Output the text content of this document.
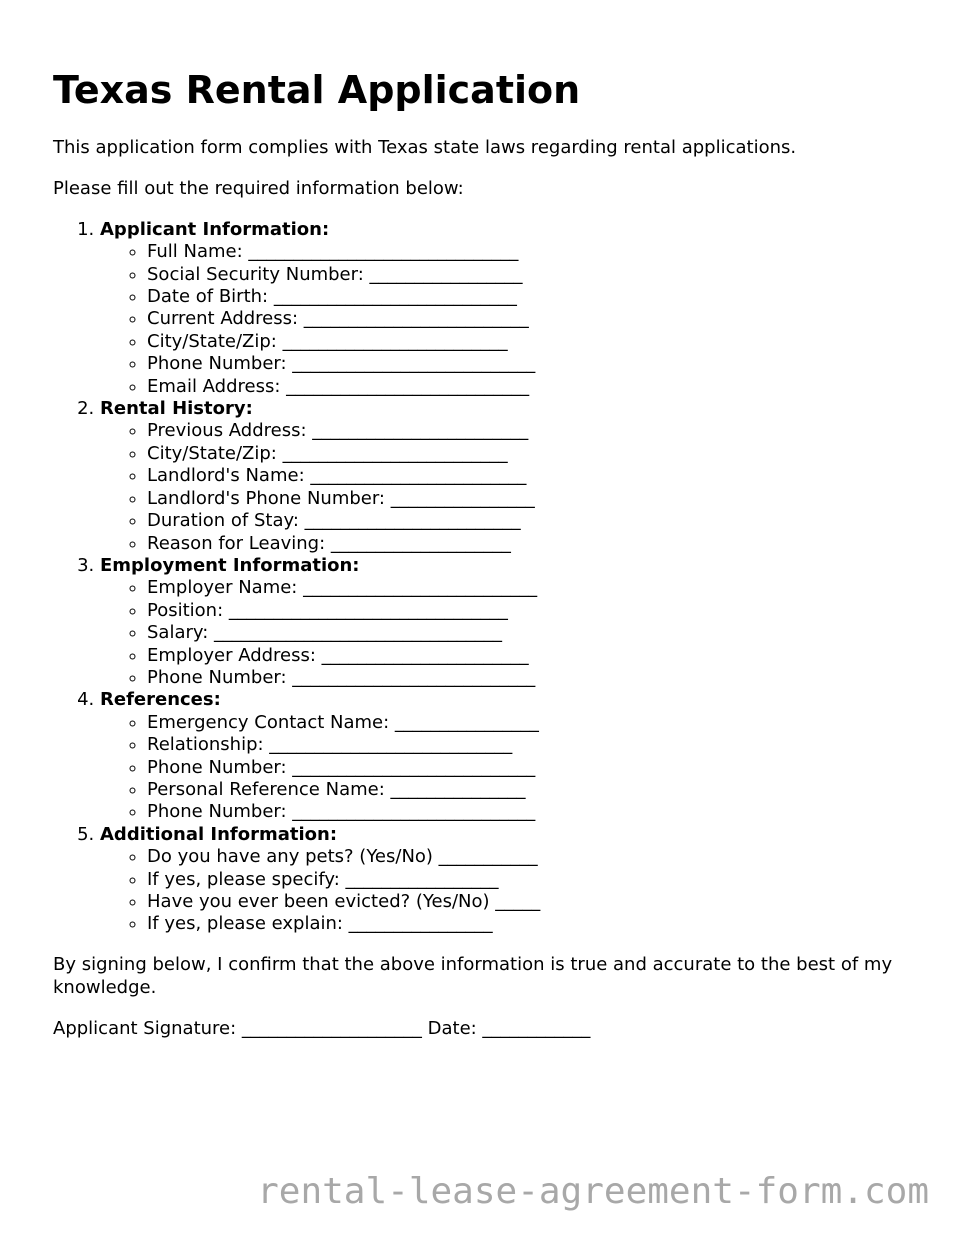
Texas Rental Application

This application form complies with Texas state laws regarding rental applications.

Please fill out the required information below:

1. Applicant Information:
◦ Full Name: ______________________________
◦ Social Security Number: _________________
◦ Date of Birth: ___________________________
◦ Current Address: _________________________
◦ City/State/Zip: _________________________
◦ Phone Number: ___________________________
◦ Email Address: ___________________________
2. Rental History:
◦ Previous Address: ________________________
◦ City/State/Zip: _________________________
◦ Landlord's Name: ________________________
◦ Landlord's Phone Number: ________________
◦ Duration of Stay: ________________________
◦ Reason for Leaving: ____________________
3. Employment Information:
◦ Employer Name: __________________________
◦ Position: _______________________________
◦ Salary: ________________________________
◦ Employer Address: _______________________
◦ Phone Number: ___________________________
4. References:
◦ Emergency Contact Name: ________________
◦ Relationship: ___________________________
◦ Phone Number: ___________________________
◦ Personal Reference Name: _______________
◦ Phone Number: ___________________________
5. Additional Information:
◦ Do you have any pets? (Yes/No) ___________
◦ If yes, please specify: _________________
◦ Have you ever been evicted? (Yes/No) _____
◦ If yes, please explain: ________________

By signing below, I confirm that the above information is true and accurate to the best of my knowledge.

Applicant Signature: ____________________ Date: ____________

rental-lease-agreement-form.com
